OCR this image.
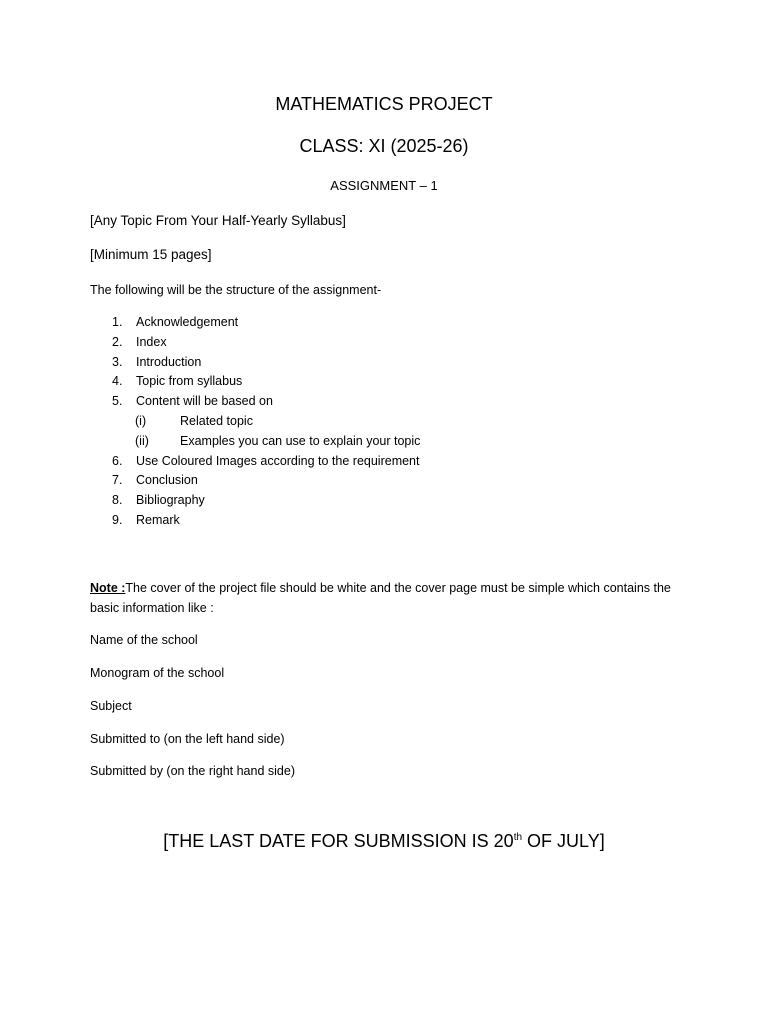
MATHEMATICS PROJECT
CLASS: XI (2025-26)
ASSIGNMENT – 1
[Any Topic From Your Half-Yearly Syllabus]
[Minimum 15 pages]
The following will be the structure of the assignment-
1. Acknowledgement
2. Index
3. Introduction
4. Topic from syllabus
5. Content will be based on
(i)	Related topic
(ii) Examples you can use to explain your topic
6. Use Coloured Images according to the requirement
7. Conclusion
8. Bibliography
9. Remark
Note :The cover of the project file should be white and the cover page must be simple which contains the basic information like :
Name of the school
Monogram of the school
Subject
Submitted to (on the left hand side)
Submitted by (on the right hand side)
[THE LAST DATE FOR SUBMISSION IS 20th OF JULY]
